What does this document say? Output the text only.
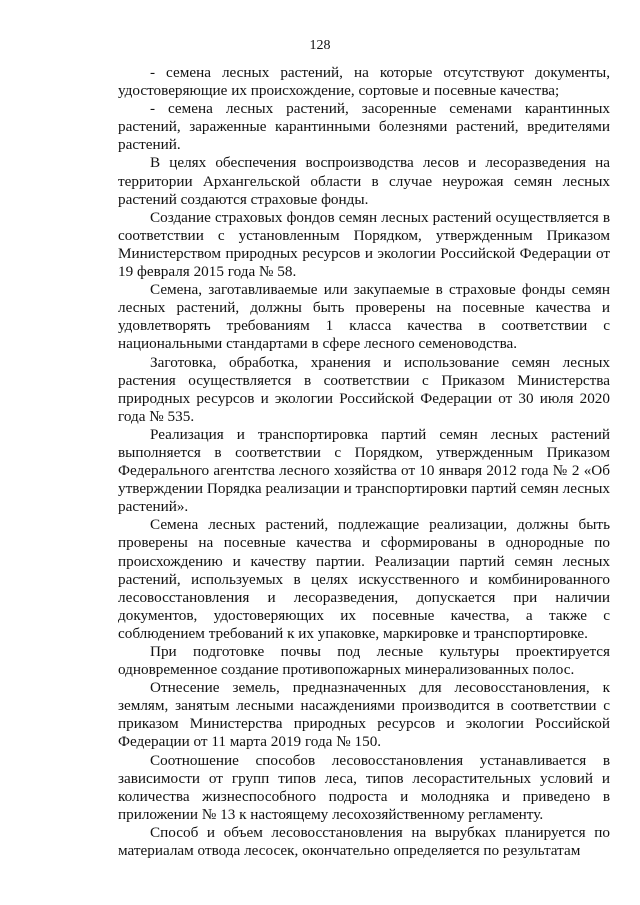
128

- семена лесных растений, на которые отсутствуют документы, удостоверяющие их происхождение, сортовые и посевные качества;

- семена лесных растений, засоренные семенами карантинных растений, зараженные карантинными болезнями растений, вредителями растений.

В целях обеспечения воспроизводства лесов и лесоразведения на территории Архангельской области в случае неурожая семян лесных растений создаются страховые фонды.

Создание страховых фондов семян лесных растений осуществляется в соответствии с установленным Порядком, утвержденным Приказом Министерством природных ресурсов и экологии Российской Федерации от 19 февраля 2015 года № 58.

Семена, заготавливаемые или закупаемые в страховые фонды семян лесных растений, должны быть проверены на посевные качества и удовлетворять требованиям 1 класса качества в соответствии с национальными стандартами в сфере лесного семеноводства.

Заготовка, обработка, хранения и использование семян лесных растения осуществляется в соответствии с Приказом Министерства природных ресурсов и экологии Российской Федерации от 30 июля 2020 года № 535.

Реализация и транспортировка партий семян лесных растений выполняется в соответствии с Порядком, утвержденным Приказом Федерального агентства лесного хозяйства от 10 января 2012 года № 2 «Об утверждении Порядка реализации и транспортировки партий семян лесных растений».

Семена лесных растений, подлежащие реализации, должны быть проверены на посевные качества и сформированы в однородные по происхождению и качеству партии. Реализации партий семян лесных растений, используемых в целях искусственного и комбинированного лесовосстановления и лесоразведения, допускается при наличии документов, удостоверяющих их посевные качества, а также с соблюдением требований к их упаковке, маркировке и транспортировке.

При подготовке почвы под лесные культуры проектируется одновременное создание противопожарных минерализованных полос.

Отнесение земель, предназначенных для лесовосстановления, к землям, занятым лесными насаждениями производится в соответствии с приказом Министерства природных ресурсов и экологии Российской Федерации от 11 марта 2019 года № 150.

Соотношение способов лесовосстановления устанавливается в зависимости от групп типов леса, типов лесорастительных условий и количества жизнеспособного подроста и молодняка и приведено в приложении № 13 к настоящему лесохозяйственному регламенту.

Способ и объем лесовосстановления на вырубках планируется по материалам отвода лесосек, окончательно определяется по результатам
